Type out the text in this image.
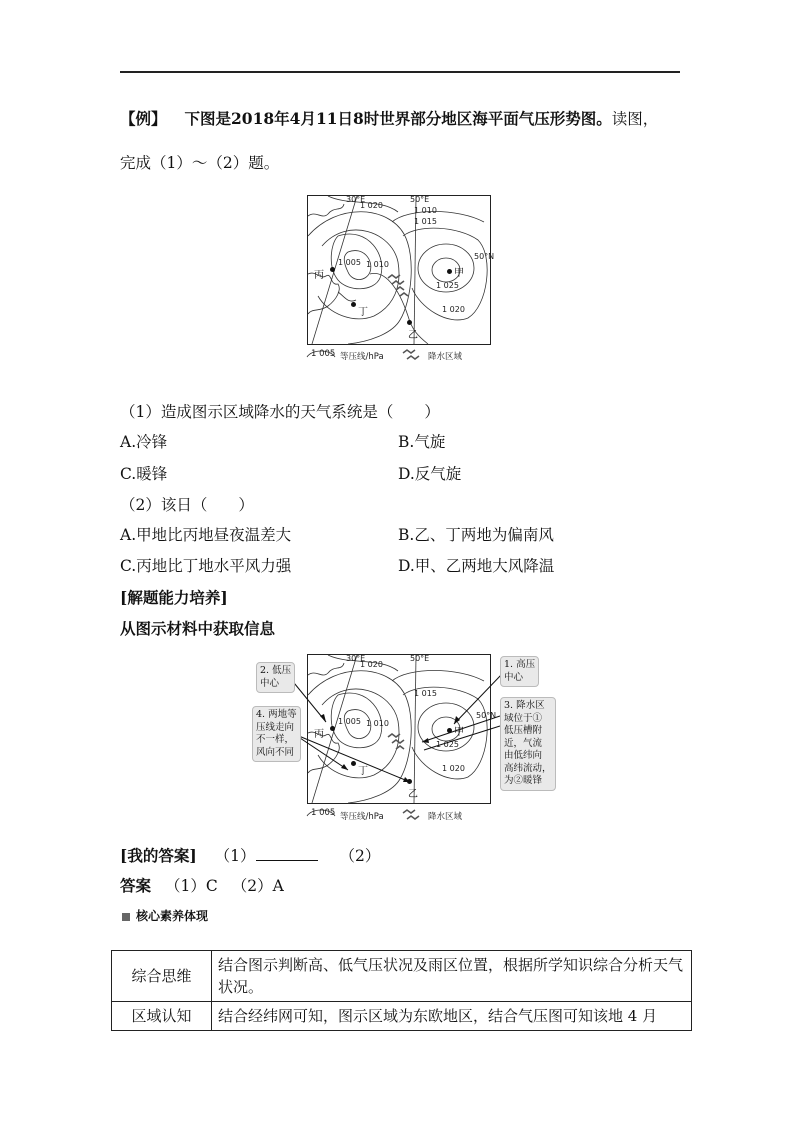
【例】 下图是2018年4月11日8时世界部分地区海平面气压形势图。读图，
完成（1）～（2）题。
30°E	50°E
50°N
1 020
1 010
1 015
1 005 1 010
1 025
1 020
甲
丙
丁
乙
1 005 等压线/hPa	降水区域
（1）造成图示区域降水的天气系统是（　　）
A.冷锋	B.气旋
C.暖锋	D.反气旋
（2）该日（　　）
A.甲地比丙地昼夜温差大	B.乙、丁两地为偏南风
C.丙地比丁地水平风力强	D.甲、乙两地大风降温
[解题能力培养]
从图示材料中获取信息
30°E	50°E
50°N
1 020
1 015
1 005 1 010
1 025
1 020
甲
丙
丁
乙
2. 低压
中心
4. 两地等
压线走向
不一样，
风向不同
1. 高压
中心
3. 降水区
域位于①
低压槽附
近，气流
由低纬向
高纬流动，
为②暖锋
1 005 等压线/hPa	降水区域
[我的答案] （1）	（2）
答案 （1）C （2）A
核心素养体现
综合思维	结合图示判断高、低气压状况及雨区位置，根据所学知识综合分析天气状况。
区域认知	结合经纬网可知，图示区域为东欧地区，结合气压图可知该地 4 月
